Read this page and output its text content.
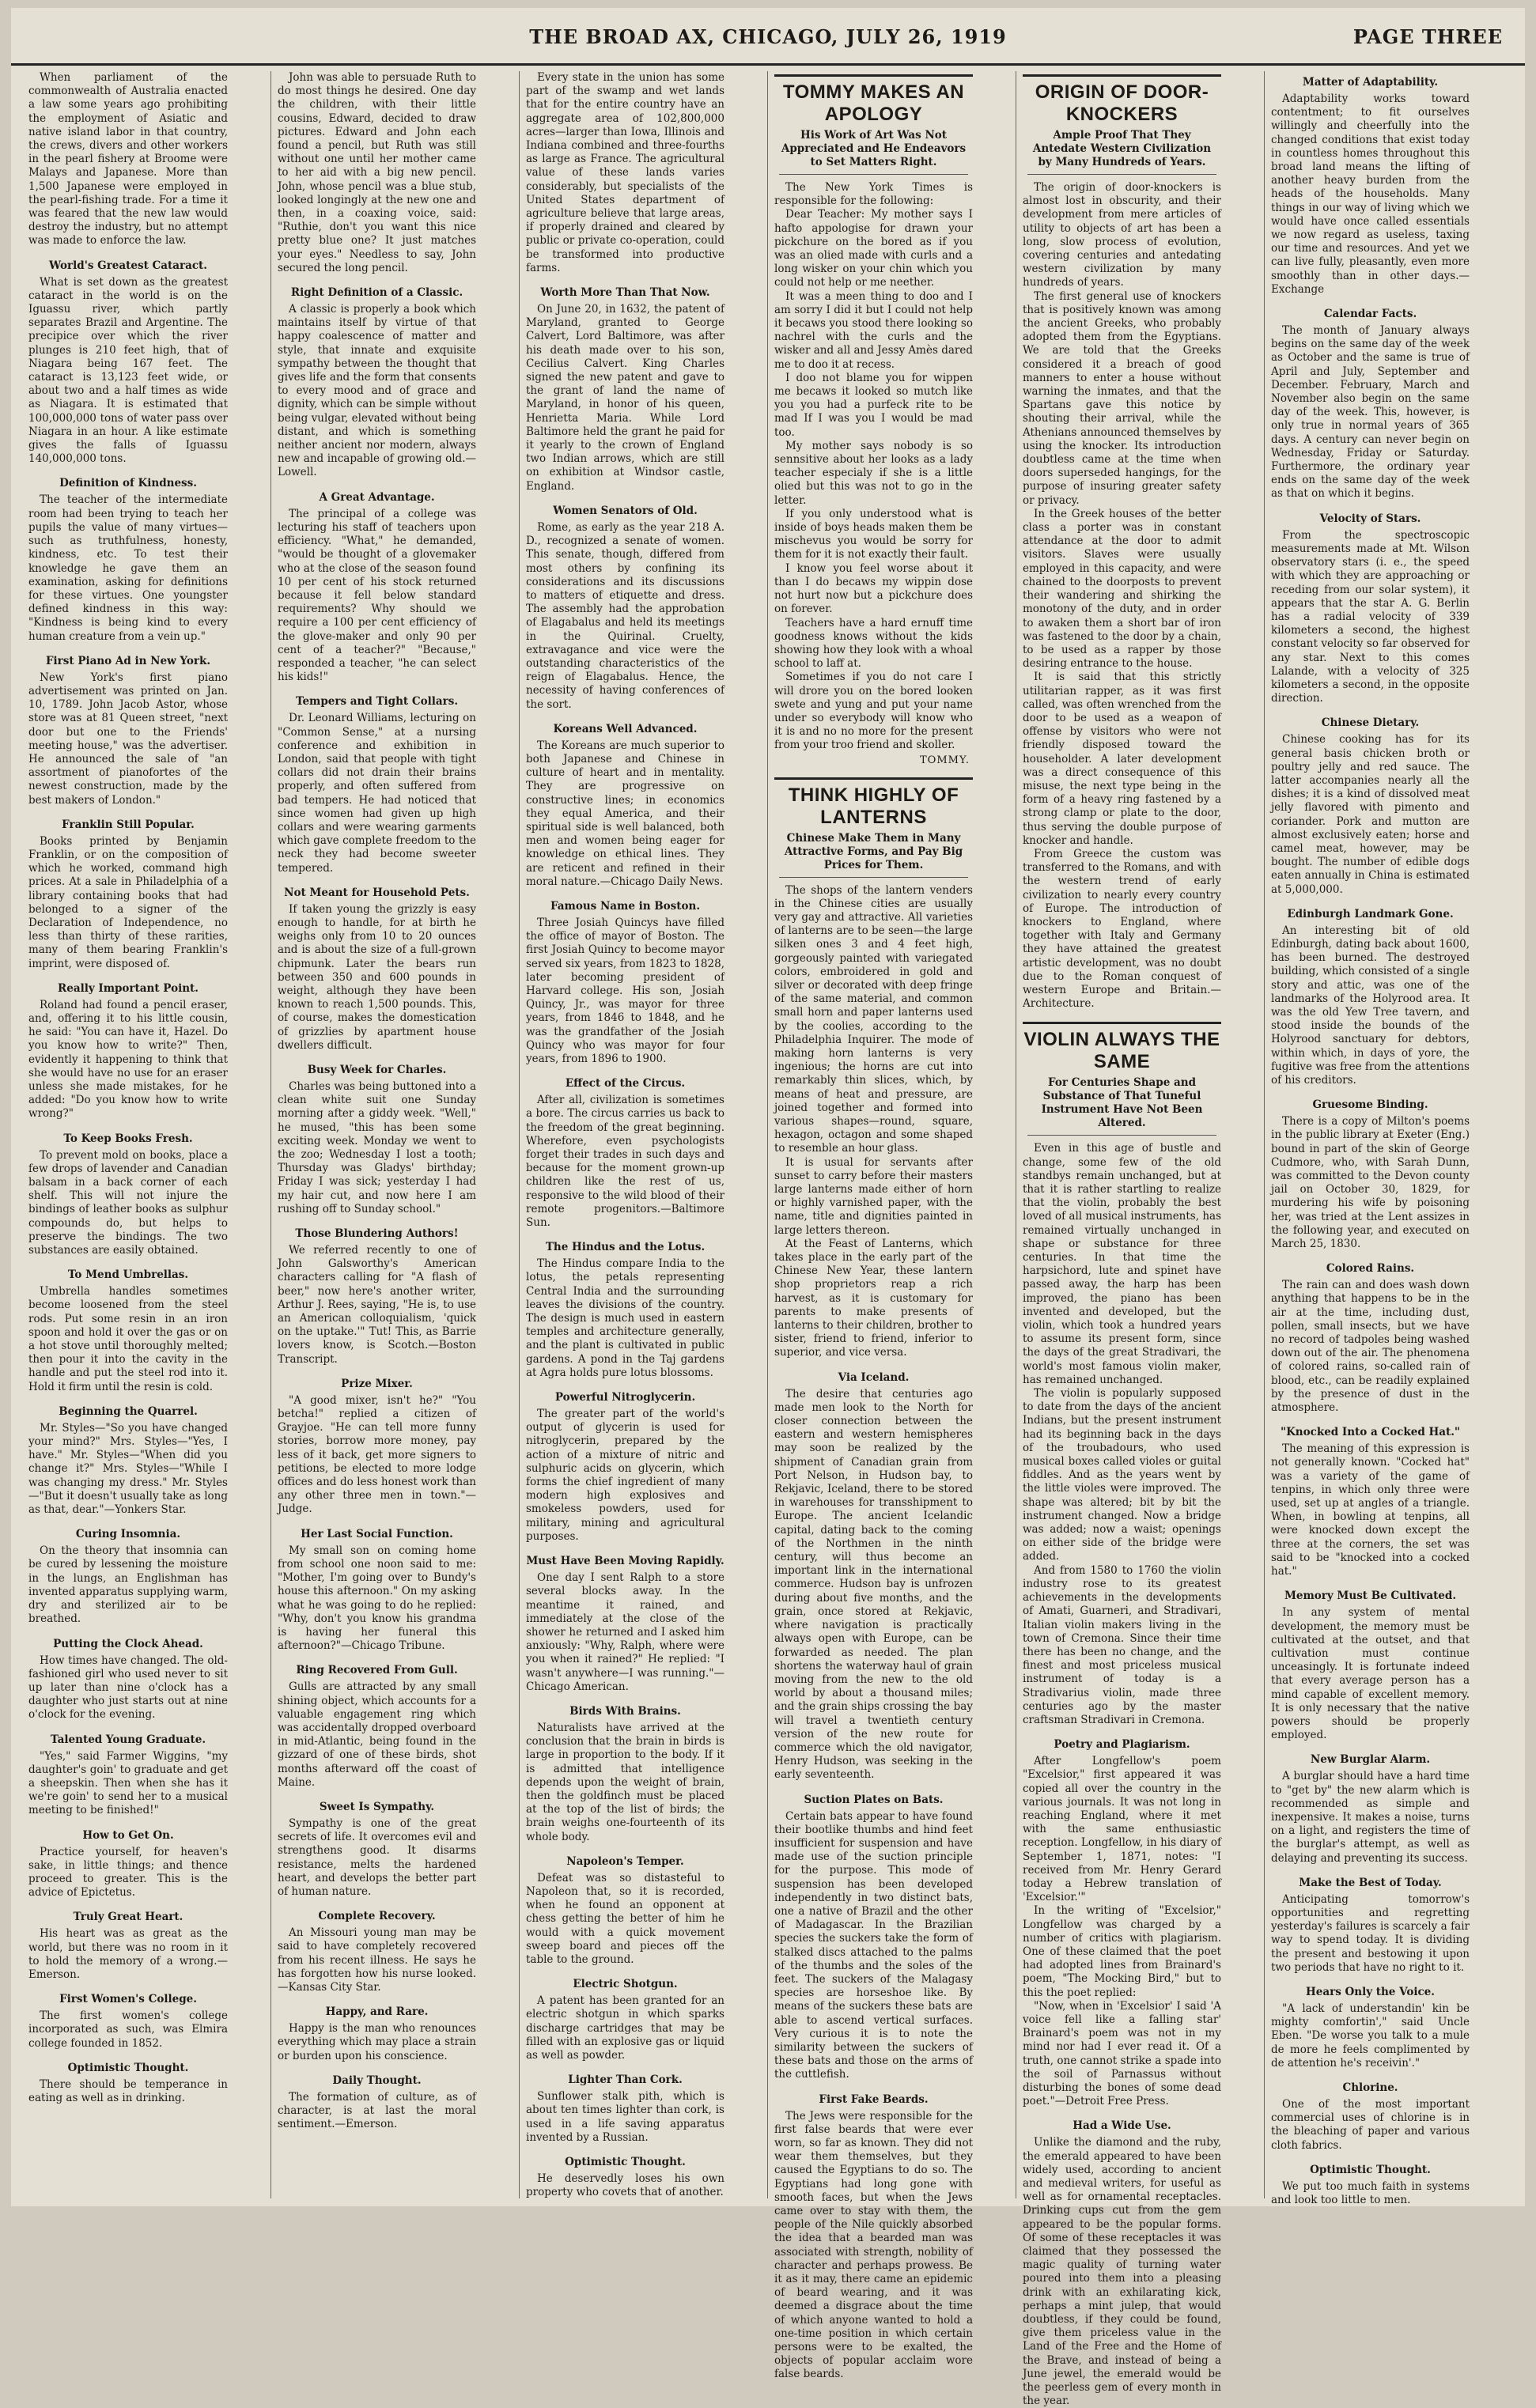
THE BROAD AX, CHICAGO, JULY 26, 1919	PAGE THREE

When parliament of the commonwealth of Australia enacted a law some years ago prohibiting the employment of Asiatic and native island labor in that country, the crews, divers and other workers in the pearl fishery at Broome were Malays and Japanese. More than 1,500 Japanese were employed in the pearl-fishing trade. For a time it was feared that the new law would destroy the industry, but no attempt was made to enforce the law.

World's Greatest Cataract.

What is set down as the greatest cataract in the world is on the Iguassu river, which partly separates Brazil and Argentine. The precipice over which the river plunges is 210 feet high, that of Niagara being 167 feet. The cataract is 13,123 feet wide, or about two and a half times as wide as Niagara. It is estimated that 100,000,000 tons of water pass over Niagara in an hour. A like estimate gives the falls of Iguassu 140,000,000 tons.

Definition of Kindness.

The teacher of the intermediate room had been trying to teach her pupils the value of many virtues—such as truthfulness, honesty, kindness, etc. To test their knowledge he gave them an examination, asking for definitions for these virtues. One youngster defined kindness in this way: "Kindness is being kind to every human creature from a vein up."

First Piano Ad in New York.

New York's first piano advertisement was printed on Jan. 10, 1789. John Jacob Astor, whose store was at 81 Queen street, "next door but one to the Friends' meeting house," was the advertiser. He announced the sale of "an assortment of pianofortes of the newest construction, made by the best makers of London."

Franklin Still Popular.

Books printed by Benjamin Franklin, or on the composition of which he worked, command high prices. At a sale in Philadelphia of a library containing books that had belonged to a signer of the Declaration of Independence, no less than thirty of these rarities, many of them bearing Franklin's imprint, were disposed of.

Really Important Point.

Roland had found a pencil eraser, and, offering it to his little cousin, he said: "You can have it, Hazel. Do you know how to write?" Then, evidently it happening to think that she would have no use for an eraser unless she made mistakes, for he added: "Do you know how to write wrong?"

To Keep Books Fresh.

To prevent mold on books, place a few drops of lavender and Canadian balsam in a back corner of each shelf. This will not injure the bindings of leather books as sulphur compounds do, but helps to preserve the bindings. The two substances are easily obtained.

To Mend Umbrellas.

Umbrella handles sometimes become loosened from the steel rods. Put some resin in an iron spoon and hold it over the gas or on a hot stove until thoroughly melted; then pour it into the cavity in the handle and put the steel rod into it. Hold it firm until the resin is cold.

Beginning the Quarrel.

Mr. Styles—"So you have changed your mind?" Mrs. Styles—"Yes, I have." Mr. Styles—"When did you change it?" Mrs. Styles—"While I was changing my dress." Mr. Styles—"But it doesn't usually take as long as that, dear."—Yonkers Star.

Curing Insomnia.

On the theory that insomnia can be cured by lessening the moisture in the lungs, an Englishman has invented apparatus supplying warm, dry and sterilized air to be breathed.

Putting the Clock Ahead.

How times have changed. The old-fashioned girl who used never to sit up later than nine o'clock has a daughter who just starts out at nine o'clock for the evening.

Talented Young Graduate.

"Yes," said Farmer Wiggins, "my daughter's goin' to graduate and get a sheepskin. Then when she has it we're goin' to send her to a musical meeting to be finished!"

How to Get On.

Practice yourself, for heaven's sake, in little things; and thence proceed to greater. This is the advice of Epictetus.

Truly Great Heart.

His heart was as great as the world, but there was no room in it to hold the memory of a wrong.—Emerson.

First Women's College.

The first women's college incorporated as such, was Elmira college founded in 1852.

Optimistic Thought.

There should be temperance in eating as well as in drinking.

John was able to persuade Ruth to do most things he desired. One day the children, with their little cousins, Edward, decided to draw pictures. Edward and John each found a pencil, but Ruth was still without one until her mother came to her aid with a big new pencil. John, whose pencil was a blue stub, looked longingly at the new one and then, in a coaxing voice, said: "Ruthie, don't you want this nice pretty blue one? It just matches your eyes." Needless to say, John secured the long pencil.

Right Definition of a Classic.

A classic is properly a book which maintains itself by virtue of that happy coalescence of matter and style, that innate and exquisite sympathy between the thought that gives life and the form that consents to every mood and of grace and dignity, which can be simple without being vulgar, elevated without being distant, and which is something neither ancient nor modern, always new and incapable of growing old.—Lowell.

A Great Advantage.

The principal of a college was lecturing his staff of teachers upon efficiency. "What," he demanded, "would be thought of a glovemaker who at the close of the season found 10 per cent of his stock returned because it fell below standard requirements? Why should we require a 100 per cent efficiency of the glove-maker and only 90 per cent of a teacher?" "Because," responded a teacher, "he can select his kids!"

Tempers and Tight Collars.

Dr. Leonard Williams, lecturing on "Common Sense," at a nursing conference and exhibition in London, said that people with tight collars did not drain their brains properly, and often suffered from bad tempers. He had noticed that since women had given up high collars and were wearing garments which gave complete freedom to the neck they had become sweeter tempered.

Not Meant for Household Pets.

If taken young the grizzly is easy enough to handle, for at birth he weighs only from 10 to 20 ounces and is about the size of a full-grown chipmunk. Later the bears run between 350 and 600 pounds in weight, although they have been known to reach 1,500 pounds. This, of course, makes the domestication of grizzlies by apartment house dwellers difficult.

Busy Week for Charles.

Charles was being buttoned into a clean white suit one Sunday morning after a giddy week. "Well," he mused, "this has been some exciting week. Monday we went to the zoo; Wednesday I lost a tooth; Thursday was Gladys' birthday; Friday I was sick; yesterday I had my hair cut, and now here I am rushing off to Sunday school."

Those Blundering Authors!

We referred recently to one of John Galsworthy's American characters calling for "A flash of beer," now here's another writer, Arthur J. Rees, saying, "He is, to use an American colloquialism, 'quick on the uptake.'" Tut! This, as Barrie lovers know, is Scotch.—Boston Transcript.

Prize Mixer.

"A good mixer, isn't he?" "You betcha!" replied a citizen of Grayjoe. "He can tell more funny stories, borrow more money, pay less of it back, get more signers to petitions, be elected to more lodge offices and do less honest work than any other three men in town."—Judge.

Her Last Social Function.

My small son on coming home from school one noon said to me: "Mother, I'm going over to Bundy's house this afternoon." On my asking what he was going to do he replied: "Why, don't you know his grandma is having her funeral this afternoon?"—Chicago Tribune.

Ring Recovered From Gull.

Gulls are attracted by any small shining object, which accounts for a valuable engagement ring which was accidentally dropped overboard in mid-Atlantic, being found in the gizzard of one of these birds, shot months afterward off the coast of Maine.

Sweet Is Sympathy.

Sympathy is one of the great secrets of life. It overcomes evil and strengthens good. It disarms resistance, melts the hardened heart, and develops the better part of human nature.

Complete Recovery.

An Missouri young man may be said to have completely recovered from his recent illness. He says he has forgotten how his nurse looked.—Kansas City Star.

Happy, and Rare.

Happy is the man who renounces everything which may place a strain or burden upon his conscience.

Daily Thought.

The formation of culture, as of character, is at last the moral sentiment.—Emerson.

Every state in the union has some part of the swamp and wet lands that for the entire country have an aggregate area of 102,800,000 acres—larger than Iowa, Illinois and Indiana combined and three-fourths as large as France. The agricultural value of these lands varies considerably, but specialists of the United States department of agriculture believe that large areas, if properly drained and cleared by public or private co-operation, could be transformed into productive farms.

Worth More Than That Now.

On June 20, in 1632, the patent of Maryland, granted to George Calvert, Lord Baltimore, was after his death made over to his son, Cecilius Calvert. King Charles signed the new patent and gave to the grant of land the name of Maryland, in honor of his queen, Henrietta Maria. While Lord Baltimore held the grant he paid for it yearly to the crown of England two Indian arrows, which are still on exhibition at Windsor castle, England.

Women Senators of Old.

Rome, as early as the year 218 A. D., recognized a senate of women. This senate, though, differed from most others by confining its considerations and its discussions to matters of etiquette and dress. The assembly had the approbation of Elagabalus and held its meetings in the Quirinal. Cruelty, extravagance and vice were the outstanding characteristics of the reign of Elagabalus. Hence, the necessity of having conferences of the sort.

Koreans Well Advanced.

The Koreans are much superior to both Japanese and Chinese in culture of heart and in mentality. They are progressive on constructive lines; in economics they equal America, and their spiritual side is well balanced, both men and women being eager for knowledge on ethical lines. They are reticent and refined in their moral nature.—Chicago Daily News.

Famous Name in Boston.

Three Josiah Quincys have filled the office of mayor of Boston. The first Josiah Quincy to become mayor served six years, from 1823 to 1828, later becoming president of Harvard college. His son, Josiah Quincy, Jr., was mayor for three years, from 1846 to 1848, and he was the grandfather of the Josiah Quincy who was mayor for four years, from 1896 to 1900.

Effect of the Circus.

After all, civilization is sometimes a bore. The circus carries us back to the freedom of the great beginning. Wherefore, even psychologists forget their trades in such days and because for the moment grown-up children like the rest of us, responsive to the wild blood of their remote progenitors.—Baltimore Sun.

The Hindus and the Lotus.

The Hindus compare India to the lotus, the petals representing Central India and the surrounding leaves the divisions of the country. The design is much used in eastern temples and architecture generally, and the plant is cultivated in public gardens. A pond in the Taj gardens at Agra holds pure lotus blossoms.

Powerful Nitroglycerin.

The greater part of the world's output of glycerin is used for nitroglycerin, prepared by the action of a mixture of nitric and sulphuric acids on glycerin, which forms the chief ingredient of many modern high explosives and smokeless powders, used for military, mining and agricultural purposes.

Must Have Been Moving Rapidly.

One day I sent Ralph to a store several blocks away. In the meantime it rained, and immediately at the close of the shower he returned and I asked him anxiously: "Why, Ralph, where were you when it rained?" He replied: "I wasn't anywhere—I was running."—Chicago American.

Birds With Brains.

Naturalists have arrived at the conclusion that the brain in birds is large in proportion to the body. If it is admitted that intelligence depends upon the weight of brain, then the goldfinch must be placed at the top of the list of birds; the brain weighs one-fourteenth of its whole body.

Napoleon's Temper.

Defeat was so distasteful to Napoleon that, so it is recorded, when he found an opponent at chess getting the better of him he would with a quick movement sweep board and pieces off the table to the ground.

Electric Shotgun.

A patent has been granted for an electric shotgun in which sparks discharge cartridges that may be filled with an explosive gas or liquid as well as powder.

Lighter Than Cork.

Sunflower stalk pith, which is about ten times lighter than cork, is used in a life saving apparatus invented by a Russian.

Optimistic Thought.

He deservedly loses his own property who covets that of another.

TOMMY MAKES AN APOLOGY
His Work of Art Was Not Appreciated and He Endeavors to Set Matters Right.

The New York Times is responsible for the following:

Dear Teacher: My mother says I hafto appologise for drawn your pickchure on the bored as if you was an olied made with curls and a long wisker on your chin which you could not help or me neether.

It was a meen thing to doo and I am sorry I did it but I could not help it becaws you stood there looking so nachrel with the curls and the wisker and all and Jessy Amès dared me to doo it at recess.

I doo not blame you for wippen me becaws it looked so mutch like you you had a purfeck rite to be mad If I was you I would be mad too.

My mother says nobody is so sennsitive about her looks as a lady teacher especialy if she is a little olied but this was not to go in the letter.

If you only understood what is inside of boys heads maken them be mischevus you would be sorry for them for it is not exactly their fault.

I know you feel worse about it than I do becaws my wippin dose not hurt now but a pickchure does on forever.

Teachers have a hard ernuff time goodness knows without the kids showing how they look with a whoal school to laff at.

Sometimes if you do not care I will drore you on the bored looken swete and yung and put your name under so everybody will know who it is and no no more for the present from your troo friend and skoller.

TOMMY.
THINK HIGHLY OF LANTERNS
Chinese Make Them in Many Attractive Forms, and Pay Big Prices for Them.

The shops of the lantern venders in the Chinese cities are usually very gay and attractive. All varieties of lanterns are to be seen—the large silken ones 3 and 4 feet high, gorgeously painted with variegated colors, embroidered in gold and silver or decorated with deep fringe of the same material, and common small horn and paper lanterns used by the coolies, according to the Philadelphia Inquirer. The mode of making horn lanterns is very ingenious; the horns are cut into remarkably thin slices, which, by means of heat and pressure, are joined together and formed into various shapes—round, square, hexagon, octagon and some shaped to resemble an hour glass.

It is usual for servants after sunset to carry before their masters large lanterns made either of horn or highly varnished paper, with the name, title and dignities painted in large letters thereon.

At the Feast of Lanterns, which takes place in the early part of the Chinese New Year, these lantern shop proprietors reap a rich harvest, as it is customary for parents to make presents of lanterns to their children, brother to sister, friend to friend, inferior to superior, and vice versa.

Via Iceland.

The desire that centuries ago made men look to the North for closer connection between the eastern and western hemispheres may soon be realized by the shipment of Canadian grain from Port Nelson, in Hudson bay, to Rekjavic, Iceland, there to be stored in warehouses for transshipment to Europe. The ancient Icelandic capital, dating back to the coming of the Northmen in the ninth century, will thus become an important link in the international commerce. Hudson bay is unfrozen during about five months, and the grain, once stored at Rekjavic, where navigation is practically always open with Europe, can be forwarded as needed. The plan shortens the waterway haul of grain moving from the new to the old world by about a thousand miles; and the grain ships crossing the bay will travel a twentieth century version of the new route for commerce which the old navigator, Henry Hudson, was seeking in the early seventeenth.

Suction Plates on Bats.

Certain bats appear to have found their bootlike thumbs and hind feet insufficient for suspension and have made use of the suction principle for the purpose. This mode of suspension has been developed independently in two distinct bats, one a native of Brazil and the other of Madagascar. In the Brazilian species the suckers take the form of stalked discs attached to the palms of the thumbs and the soles of the feet. The suckers of the Malagasy species are horseshoe like. By means of the suckers these bats are able to ascend vertical surfaces. Very curious it is to note the similarity between the suckers of these bats and those on the arms of the cuttlefish.

First Fake Beards.

The Jews were responsible for the first false beards that were ever worn, so far as known. They did not wear them themselves, but they caused the Egyptians to do so. The Egyptians had long gone with smooth faces, but when the Jews came over to stay with them, the people of the Nile quickly absorbed the idea that a bearded man was associated with strength, nobility of character and perhaps prowess. Be it as it may, there came an epidemic of beard wearing, and it was deemed a disgrace about the time of which anyone wanted to hold a one-time position in which certain persons were to be exalted, the objects of popular acclaim wore false beards.

ORIGIN OF DOOR-KNOCKERS
Ample Proof That They Antedate Western Civilization by Many Hundreds of Years.

The origin of door-knockers is almost lost in obscurity, and their development from mere articles of utility to objects of art has been a long, slow process of evolution, covering centuries and antedating western civilization by many hundreds of years.

The first general use of knockers that is positively known was among the ancient Greeks, who probably adopted them from the Egyptians. We are told that the Greeks considered it a breach of good manners to enter a house without warning the inmates, and that the Spartans gave this notice by shouting their arrival, while the Athenians announced themselves by using the knocker. Its introduction doubtless came at the time when doors superseded hangings, for the purpose of insuring greater safety or privacy.

In the Greek houses of the better class a porter was in constant attendance at the door to admit visitors. Slaves were usually employed in this capacity, and were chained to the doorposts to prevent their wandering and shirking the monotony of the duty, and in order to awaken them a short bar of iron was fastened to the door by a chain, to be used as a rapper by those desiring entrance to the house.

It is said that this strictly utilitarian rapper, as it was first called, was often wrenched from the door to be used as a weapon of offense by visitors who were not friendly disposed toward the householder. A later development was a direct consequence of this misuse, the next type being in the form of a heavy ring fastened by a strong clamp or plate to the door, thus serving the double purpose of knocker and handle.

From Greece the custom was transferred to the Romans, and with the western trend of early civilization to nearly every country of Europe. The introduction of knockers to England, where together with Italy and Germany they have attained the greatest artistic development, was no doubt due to the Roman conquest of western Europe and Britain.—Architecture.

VIOLIN ALWAYS THE SAME
For Centuries Shape and Substance of That Tuneful Instrument Have Not Been Altered.

Even in this age of bustle and change, some few of the old standbys remain unchanged, but at that it is rather startling to realize that the violin, probably the best loved of all musical instruments, has remained virtually unchanged in shape or substance for three centuries. In that time the harpsichord, lute and spinet have passed away, the harp has been improved, the piano has been invented and developed, but the violin, which took a hundred years to assume its present form, since the days of the great Stradivari, the world's most famous violin maker, has remained unchanged.

The violin is popularly supposed to date from the days of the ancient Indians, but the present instrument had its beginning back in the days of the troubadours, who used musical boxes called violes or guital fiddles. And as the years went by the little violes were improved. The shape was altered; bit by bit the instrument changed. Now a bridge was added; now a waist; openings on either side of the bridge were added.

And from 1580 to 1760 the violin industry rose to its greatest achievements in the developments of Amati, Guarneri, and Stradivari, Italian violin makers living in the town of Cremona. Since their time there has been no change, and the finest and most priceless musical instrument of today is a Stradivarius violin, made three centuries ago by the master craftsman Stradivari in Cremona.

Poetry and Plagiarism.

After Longfellow's poem "Excelsior," first appeared it was copied all over the country in the various journals. It was not long in reaching England, where it met with the same enthusiastic reception. Longfellow, in his diary of September 1, 1871, notes: "I received from Mr. Henry Gerard today a Hebrew translation of 'Excelsior.'"

In the writing of "Excelsior," Longfellow was charged by a number of critics with plagiarism. One of these claimed that the poet had adopted lines from Brainard's poem, "The Mocking Bird," but to this the poet replied:

"Now, when in 'Excelsior' I said 'A voice fell like a falling star' Brainard's poem was not in my mind nor had I ever read it. Of a truth, one cannot strike a spade into the soil of Parnassus without disturbing the bones of some dead poet."—Detroit Free Press.

Had a Wide Use.

Unlike the diamond and the ruby, the emerald appeared to have been widely used, according to ancient and medieval writers, for useful as well as for ornamental receptacles. Drinking cups cut from the gem appeared to be the popular forms. Of some of these receptacles it was claimed that they possessed the magic quality of turning water poured into them into a pleasing drink with an exhilarating kick, perhaps a mint julep, that would doubtless, if they could be found, give them priceless value in the Land of the Free and the Home of the Brave, and instead of being a June jewel, the emerald would be the peerless gem of every month in the year.

Matter of Adaptability.

Adaptability works toward contentment; to fit ourselves willingly and cheerfully into the changed conditions that exist today in countless homes throughout this broad land means the lifting of another heavy burden from the heads of the households. Many things in our way of living which we would have once called essentials we now regard as useless, taxing our time and resources. And yet we can live fully, pleasantly, even more smoothly than in other days.—Exchange

Calendar Facts.

The month of January always begins on the same day of the week as October and the same is true of April and July, September and December. February, March and November also begin on the same day of the week. This, however, is only true in normal years of 365 days. A century can never begin on Wednesday, Friday or Saturday. Furthermore, the ordinary year ends on the same day of the week as that on which it begins.

Velocity of Stars.

From the spectroscopic measurements made at Mt. Wilson observatory stars (i. e., the speed with which they are approaching or receding from our solar system), it appears that the star A. G. Berlin has a radial velocity of 339 kilometers a second, the highest constant velocity so far observed for any star. Next to this comes Lalande, with a velocity of 325 kilometers a second, in the opposite direction.

Chinese Dietary.

Chinese cooking has for its general basis chicken broth or poultry jelly and red sauce. The latter accompanies nearly all the dishes; it is a kind of dissolved meat jelly flavored with pimento and coriander. Pork and mutton are almost exclusively eaten; horse and camel meat, however, may be bought. The number of edible dogs eaten annually in China is estimated at 5,000,000.

Edinburgh Landmark Gone.

An interesting bit of old Edinburgh, dating back about 1600, has been burned. The destroyed building, which consisted of a single story and attic, was one of the landmarks of the Holyrood area. It was the old Yew Tree tavern, and stood inside the bounds of the Holyrood sanctuary for debtors, within which, in days of yore, the fugitive was free from the attentions of his creditors.

Gruesome Binding.

There is a copy of Milton's poems in the public library at Exeter (Eng.) bound in part of the skin of George Cudmore, who, with Sarah Dunn, was committed to the Devon county jail on October 30, 1829, for murdering his wife by poisoning her, was tried at the Lent assizes in the following year, and executed on March 25, 1830.

Colored Rains.

The rain can and does wash down anything that happens to be in the air at the time, including dust, pollen, small insects, but we have no record of tadpoles being washed down out of the air. The phenomena of colored rains, so-called rain of blood, etc., can be readily explained by the presence of dust in the atmosphere.

"Knocked Into a Cocked Hat."

The meaning of this expression is not generally known. "Cocked hat" was a variety of the game of tenpins, in which only three were used, set up at angles of a triangle. When, in bowling at tenpins, all were knocked down except the three at the corners, the set was said to be "knocked into a cocked hat."

Memory Must Be Cultivated.

In any system of mental development, the memory must be cultivated at the outset, and that cultivation must continue unceasingly. It is fortunate indeed that every average person has a mind capable of excellent memory. It is only necessary that the native powers should be properly employed.

New Burglar Alarm.

A burglar should have a hard time to "get by" the new alarm which is recommended as simple and inexpensive. It makes a noise, turns on a light, and registers the time of the burglar's attempt, as well as delaying and preventing its success.

Make the Best of Today.

Anticipating tomorrow's opportunities and regretting yesterday's failures is scarcely a fair way to spend today. It is dividing the present and bestowing it upon two periods that have no right to it.

Hears Only the Voice.

"A lack of understandin' kin be mighty comfortin'," said Uncle Eben. "De worse you talk to a mule de more he feels complimented by de attention he's receivin'."

Chlorine.

One of the most important commercial uses of chlorine is in the bleaching of paper and various cloth fabrics.

Optimistic Thought.

We put too much faith in systems and look too little to men.
